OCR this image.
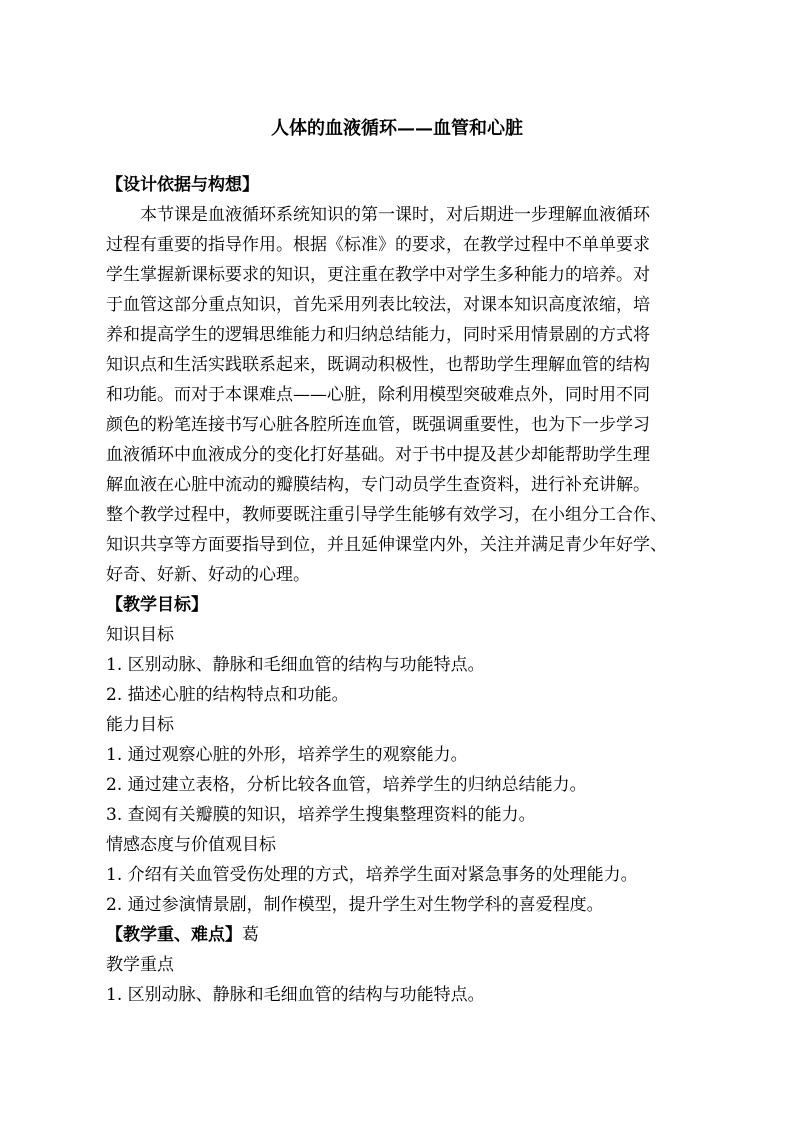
人体的血液循环——血管和心脏
【设计依据与构想】
本节课是血液循环系统知识的第一课时，对后期进一步理解血液循环
过程有重要的指导作用。根据《标准》的要求，在教学过程中不单单要求
学生掌握新课标要求的知识，更注重在教学中对学生多种能力的培养。对
于血管这部分重点知识，首先采用列表比较法，对课本知识高度浓缩，培
养和提高学生的逻辑思维能力和归纳总结能力，同时采用情景剧的方式将
知识点和生活实践联系起来，既调动积极性，也帮助学生理解血管的结构
和功能。而对于本课难点——心脏，除利用模型突破难点外，同时用不同
颜色的粉笔连接书写心脏各腔所连血管，既强调重要性，也为下一步学习
血液循环中血液成分的变化打好基础。对于书中提及甚少却能帮助学生理
解血液在心脏中流动的瓣膜结构，专门动员学生查资料，进行补充讲解。
整个教学过程中，教师要既注重引导学生能够有效学习，在小组分工合作、
知识共享等方面要指导到位，并且延伸课堂内外，关注并满足青少年好学、
好奇、好新、好动的心理。
【教学目标】
知识目标
1. 区别动脉、静脉和毛细血管的结构与功能特点。
2. 描述心脏的结构特点和功能。
能力目标
1. 通过观察心脏的外形，培养学生的观察能力。
2. 通过建立表格，分析比较各血管，培养学生的归纳总结能力。
3. 查阅有关瓣膜的知识，培养学生搜集整理资料的能力。
情感态度与价值观目标
1. 介绍有关血管受伤处理的方式，培养学生面对紧急事务的处理能力。
2. 通过参演情景剧，制作模型，提升学生对生物学科的喜爱程度。
【教学重、难点】葛
教学重点
1. 区别动脉、静脉和毛细血管的结构与功能特点。
